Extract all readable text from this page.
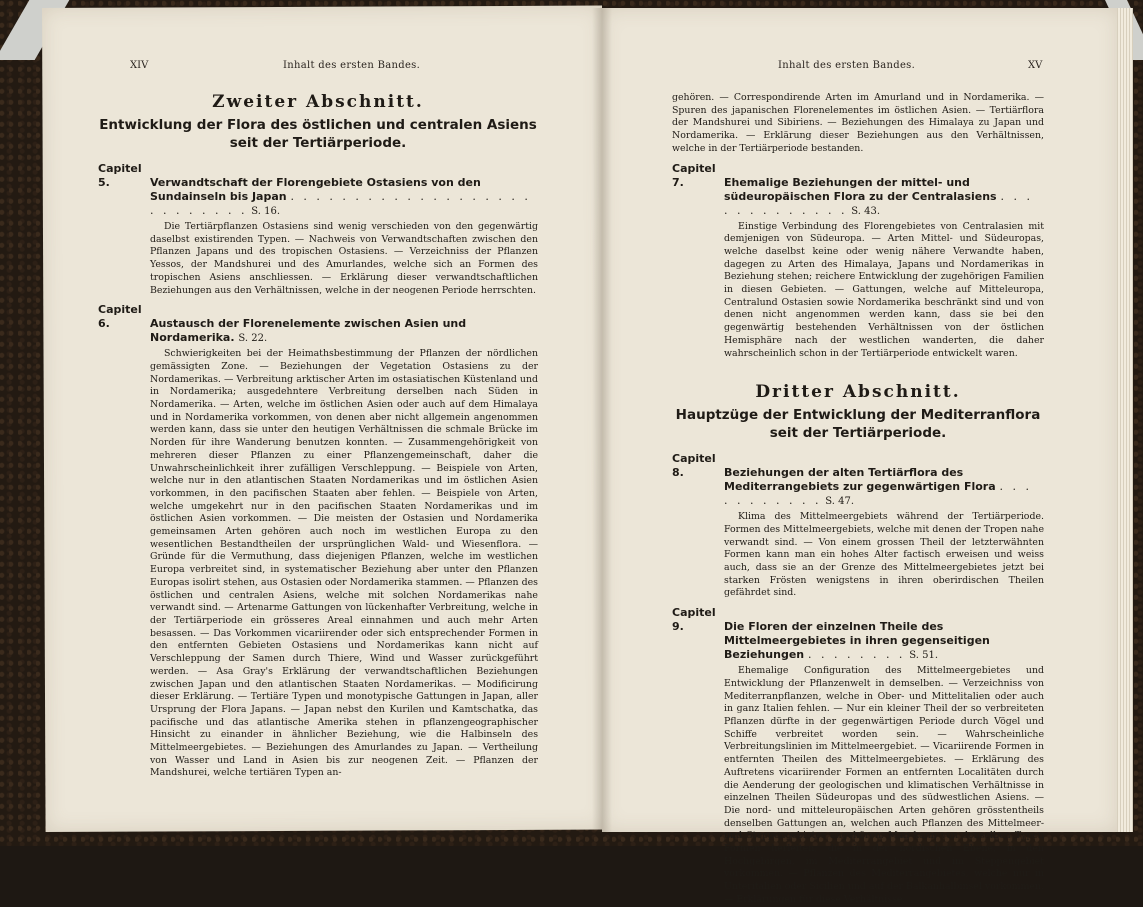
XIV	Inhalt des ersten Bandes.
Zweiter Abschnitt.
Entwicklung der Flora des östlichen und centralen Asiens seit der Tertiärperiode.
Capitel 5.	Verwandtschaft der Florengebiete Ostasiens von den Sundainseln bis Japan . . . . . . . . . . . . . . . . . . . . . . . . . . . S. 16.

Die Tertiärpflanzen Ostasiens sind wenig verschieden von den gegenwärtig daselbst existirenden Typen. — Nachweis von Verwandtschaften zwischen den Pflanzen Japans und des tropischen Ostasiens. — Verzeichniss der Pflanzen Yessos, der Mandshurei und des Amurlandes, welche sich an Formen des tropischen Asiens anschliessen. — Erklärung dieser verwandtschaftlichen Beziehungen aus den Verhältnissen, welche in der neogenen Periode herrschten.

Capitel 6.	Austausch der Florenelemente zwischen Asien und Nordamerika. S. 22.

Schwierigkeiten bei der Heimathsbestimmung der Pflanzen der nördlichen gemässigten Zone. — Beziehungen der Vegetation Ostasiens zu der Nordamerikas. — Verbreitung arktischer Arten im ostasiatischen Küstenland und in Nordamerika; ausgedehntere Verbreitung derselben nach Süden in Nordamerika. — Arten, welche im östlichen Asien oder auch auf dem Himalaya und in Nordamerika vorkommen, von denen aber nicht allgemein angenommen werden kann, dass sie unter den heutigen Verhältnissen die schmale Brücke im Norden für ihre Wanderung benutzen konnten. — Zusammengehörigkeit von mehreren dieser Pflanzen zu einer Pflanzengemeinschaft, daher die Unwahrscheinlichkeit ihrer zufälligen Verschleppung. — Beispiele von Arten, welche nur in den atlantischen Staaten Nordamerikas und im östlichen Asien vorkommen, in den pacifischen Staaten aber fehlen. — Beispiele von Arten, welche umgekehrt nur in den pacifischen Staaten Nordamerikas und im östlichen Asien vorkommen. — Die meisten der Ostasien und Nordamerika gemeinsamen Arten gehören auch noch im westlichen Europa zu den wesentlichen Bestandtheilen der ursprünglichen Wald- und Wiesenflora. — Gründe für die Vermuthung, dass diejenigen Pflanzen, welche im westlichen Europa verbreitet sind, in systematischer Beziehung aber unter den Pflanzen Europas isolirt stehen, aus Ostasien oder Nordamerika stammen. — Pflanzen des östlichen und centralen Asiens, welche mit solchen Nordamerikas nahe verwandt sind. — Artenarme Gattungen von lückenhafter Verbreitung, welche in der Tertiärperiode ein grösseres Areal einnahmen und auch mehr Arten besassen. — Das Vorkommen vicariirender oder sich entsprechender Formen in den entfernten Gebieten Ostasiens und Nordamerikas kann nicht auf Verschleppung der Samen durch Thiere, Wind und Wasser zurückgeführt werden. — Asa Gray's Erklärung der verwandtschaftlichen Beziehungen zwischen Japan und den atlantischen Staaten Nordamerikas. — Modificirung dieser Erklärung. — Tertiäre Typen und monotypische Gattungen in Japan, aller Ursprung der Flora Japans. — Japan nebst den Kurilen und Kamtschatka, das pacifische und das atlantische Amerika stehen in pflanzengeographischer Hinsicht zu einander in ähnlicher Beziehung, wie die Halbinseln des Mittelmeergebietes. — Beziehungen des Amurlandes zu Japan. — Vertheilung von Wasser und Land in Asien bis zur neogenen Zeit. — Pflanzen der Mandshurei, welche tertiären Typen an-

Inhalt des ersten Bandes.	XV

gehören. — Correspondirende Arten im Amurland und in Nordamerika. — Spuren des japanischen Florenelementes im östlichen Asien. — Tertiärflora der Mandshurei und Sibiriens. — Beziehungen des Himalaya zu Japan und Nordamerika. — Erklärung dieser Beziehungen aus den Verhältnissen, welche in der Tertiärperiode bestanden.

Capitel 7.	Ehemalige Beziehungen der mittel- und südeuropäischen Flora zu der Centralasiens . . . . . . . . . . . . . S. 43.

Einstige Verbindung des Florengebietes von Centralasien mit demjenigen von Südeuropa. — Arten Mittel- und Südeuropas, welche daselbst keine oder wenig nähere Verwandte haben, dagegen zu Arten des Himalaya, Japans und Nordamerikas in Beziehung stehen; reichere Entwicklung der zugehörigen Familien in diesen Gebieten. — Gattungen, welche auf Mitteleuropa, Centralund Ostasien sowie Nordamerika beschränkt sind und von denen nicht angenommen werden kann, dass sie bei den gegenwärtig bestehenden Verhältnissen von der östlichen Hemisphäre nach der westlichen wanderten, die daher wahrscheinlich schon in der Tertiärperiode entwickelt waren.

Dritter Abschnitt.
Hauptzüge der Entwicklung der Mediterranflora seit der Tertiärperiode.
Capitel 8.	Beziehungen der alten Tertiärflora des Mediterrangebiets zur gegenwärtigen Flora . . . . . . . . . . . S. 47.

Klima des Mittelmeergebiets während der Tertiärperiode. Formen des Mittelmeergebiets, welche mit denen der Tropen nahe verwandt sind. — Von einem grossen Theil der letzterwähnten Formen kann man ein hohes Alter factisch erweisen und weiss auch, dass sie an der Grenze des Mittelmeergebietes jetzt bei starken Frösten wenigstens in ihren oberirdischen Theilen gefährdet sind.

Capitel 9.	Die Floren der einzelnen Theile des Mittelmeergebietes in ihren gegenseitigen Beziehungen . . . . . . . . S. 51.

Ehemalige Configuration des Mittelmeergebietes und Entwicklung der Pflanzenwelt in demselben. — Verzeichniss von Mediterranpflanzen, welche in Ober- und Mittelitalien oder auch in ganz Italien fehlen. — Nur ein kleiner Theil der so verbreiteten Pflanzen dürfte in der gegenwärtigen Periode durch Vögel und Schiffe verbreitet worden sein. — Wahrscheinliche Verbreitungslinien im Mittelmeergebiet. — Vicariirende Formen in entfernten Theilen des Mittelmeergebietes. — Erklärung des Auftretens vicariirender Formen an entfernten Localitäten durch die Aenderung der geologischen und klimatischen Verhältnisse in einzelnen Theilen Südeuropas und des südwestlichen Asiens. — Die nord- und mitteleuropäischen Arten gehören grösstentheils denselben Gattungen an, welchen auch Pflanzen des Mittelmeer- und Steppengebietes angehören. Man kann von denselben Typen Formen herleiten, die in der nordischen Ebene, in den Hochgebirgen, im Mediterrangebiet und im Steppengebiet vorkommen. — Pflanzen des Mediterrangebietes, welche nur in Unteritalien oder Sicilien und auf der Balkanhalbinsel vorkommen. — Erklärungen für diese Verhältnisse.
